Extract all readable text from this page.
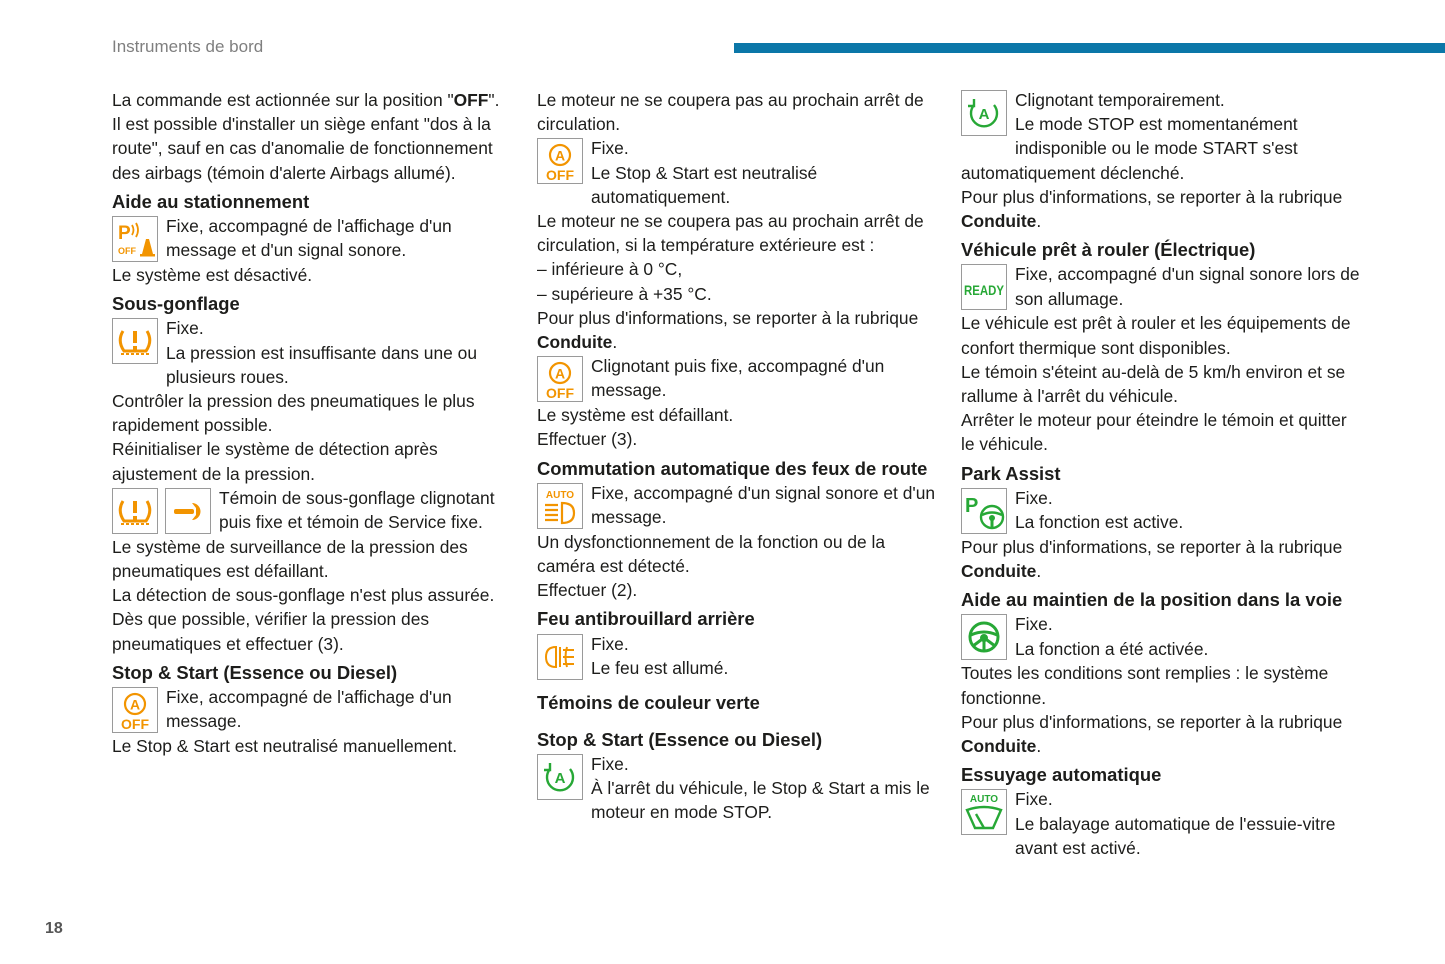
Instruments de bord
18

La commande est actionnée sur la position "OFF".

Il est possible d'installer un siège enfant "dos à la route", sauf en cas d'anomalie de fonctionnement des airbags (témoin d'alerte Airbags allumé).

Aide au stationnement
P
OFF

Fixe, accompagné de l'affichage d'un message et d'un signal sonore.

Le système est désactivé.

Sous-gonflage

Fixe.

La pression est insuffisante dans une ou plusieurs roues.

Contrôler la pression des pneumatiques le plus rapidement possible.

Réinitialiser le système de détection après ajustement de la pression.

Témoin de sous-gonflage clignotant puis fixe et témoin de Service fixe.

Le système de surveillance de la pression des pneumatiques est défaillant.

La détection de sous-gonflage n'est plus assurée.

Dès que possible, vérifier la pression des pneumatiques et effectuer (3).

Stop & Start (Essence ou Diesel)
A
OFF

Fixe, accompagné de l'affichage d'un message.

Le Stop & Start est neutralisé manuellement.

Le moteur ne se coupera pas au prochain arrêt de circulation.

A
OFF

Fixe.

Le Stop & Start est neutralisé automatiquement.

Le moteur ne se coupera pas au prochain arrêt de circulation, si la température extérieure est :

– inférieure à 0 °C,

– supérieure à +35 °C.

Pour plus d'informations, se reporter à la rubrique Conduite.

A
OFF

Clignotant puis fixe, accompagné d'un message.

Le système est défaillant.

Effectuer (3).

Commutation automatique des feux de route
AUTO Fixe, accompagné d'un signal sonore et d'un message.

Un dysfonctionnement de la fonction ou de la caméra est détecté.

Effectuer (2).

Feu antibrouillard arrière

Fixe.

Le feu est allumé.

Témoins de couleur verte
Stop & Start (Essence ou Diesel)
A

Fixe.

À l'arrêt du véhicule, le Stop & Start a mis le moteur en mode STOP.

A

Clignotant temporairement.

Le mode STOP est momentanément indisponible ou le mode START s'est automatiquement déclenché.

Pour plus d'informations, se reporter à la rubrique Conduite.

Véhicule prêt à rouler (Électrique)
READY

Fixe, accompagné d'un signal sonore lors de son allumage.

Le véhicule est prêt à rouler et les équipements de confort thermique sont disponibles.

Le témoin s'éteint au-delà de 5 km/h environ et se rallume à l'arrêt du véhicule.

Arrêter le moteur pour éteindre le témoin et quitter le véhicule.

Park Assist
P	Fixe.

La fonction est active.

Pour plus d'informations, se reporter à la rubrique Conduite.

Aide au maintien de la position dans la voie

Fixe.

La fonction a été activée.

Toutes les conditions sont remplies : le système fonctionne.

Pour plus d'informations, se reporter à la rubrique Conduite.

Essuyage automatique
AUTO Fixe.

Le balayage automatique de l'essuie-vitre avant est activé.
